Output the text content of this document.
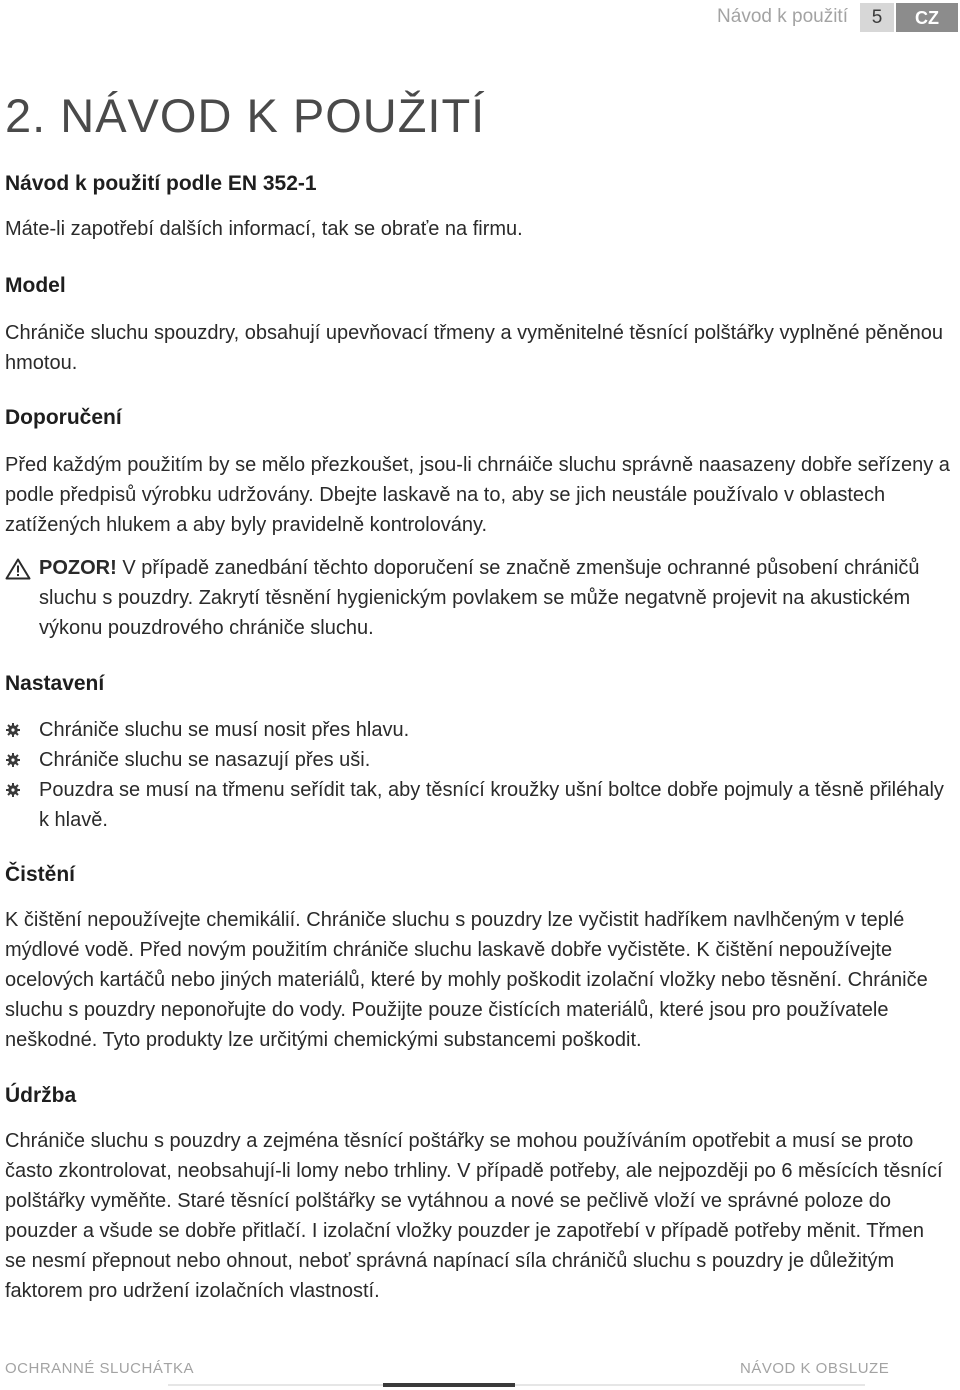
Návod k použití	5	CZ
2. NÁVOD K POUŽITÍ
Návod k použití podle EN 352-1

Máte-li zapotřebí dalších informací, tak se obraťe na firmu.

Model

Chrániče sluchu spouzdry, obsahují upevňovací třmeny a vyměnitelné těsnící polštářky vyplněné pěněnou hmotou.

Doporučení

Před každým použitím by se mělo přezkoušet, jsou-li chrnáiče sluchu správně naasazeny dobře seřízeny a podle předpisů výrobku udržovány. Dbejte laskavě na to, aby se jich neustále používalo v oblastech zatížených hlukem a aby byly pravidelně kontrolovány.

POZOR! V případě zanedbání těchto doporučení se značně zmenšuje ochranné působení chráničů sluchu s pouzdry. Zakrytí těsnění hygienickým povlakem se může negatvně projevit na akustickém výkonu pouzdrového chrániče sluchu.

Nastavení
Chrániče sluchu se musí nosit přes hlavu.
Chrániče sluchu se nasazují přes uši.
Pouzdra se musí na třmenu seřídit tak, aby těsnící kroužky ušní boltce dobře pojmuly a těsně přiléhaly k hlavě.
Čistění

K čištění nepoužívejte chemikálií. Chrániče sluchu s pouzdry lze vyčistit hadříkem navlhčeným v teplé mýdlové vodě. Před novým použitím chrániče sluchu laskavě dobře vyčistěte. K čištění nepoužívejte ocelových kartáčů nebo jiných materiálů, které by mohly poškodit izolační vložky nebo těsnění. Chrániče sluchu s pouzdry neponořujte do vody. Použijte pouze čistících materiálů, které jsou pro používatele neškodné. Tyto produkty lze určitými chemickými substancemi poškodit.

Údržba

Chrániče sluchu s pouzdry a zejména těsnící poštářky se mohou používáním opotřebit a musí se proto často zkontrolovat, neobsahují-li lomy nebo trhliny. V případě potřeby, ale nejpozději po 6 měsících těsnící polštářky vyměňte. Staré těsnící polštářky se vytáhnou a nové se pečlivě vloží ve správné poloze do pouzder a všude se dobře přitlačí. I izolační vložky pouzder je zapotřebí v případě potřeby měnit. Třmen se nesmí přepnout nebo ohnout, neboť správná napínací síla chráničů sluchu s pouzdry je důležitým faktorem pro udržení izolačních vlastností.

OCHRANNÉ SLUCHÁTKA	NÁVOD K OBSLUZE
